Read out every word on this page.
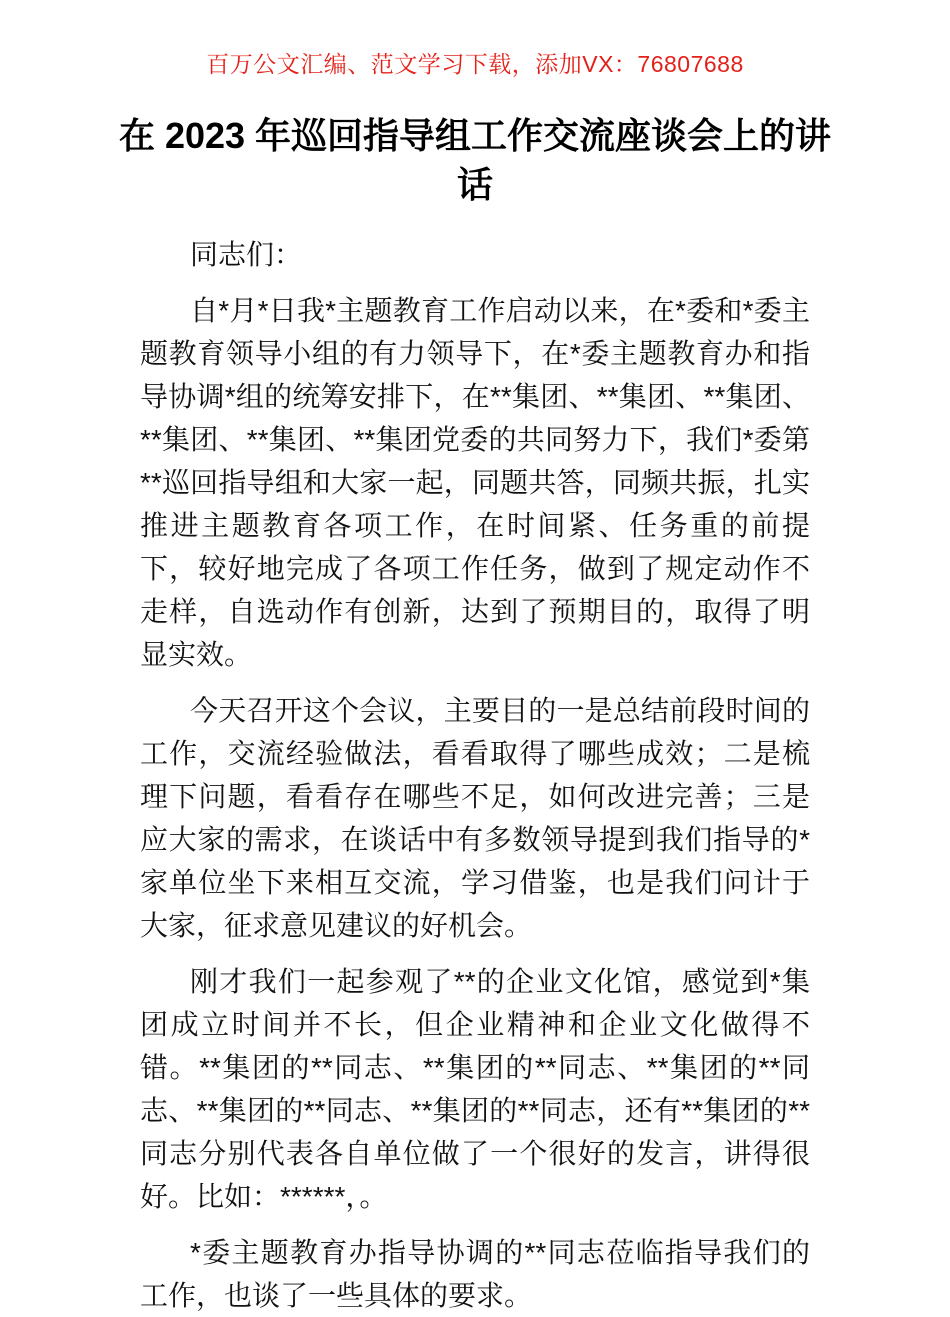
百万公文汇编、范文学习下载，添加VX：76807688
在 2023 年巡回指导组工作交流座谈会上的讲话

同志们：

自*月*日我*主题教育工作启动以来，在*委和*委主题教育领导小组的有力领导下，在*委主题教育办和指导协调*组的统筹安排下，在**集团、**集团、**集团、**集团、**集团、**集团党委的共同努力下，我们*委第**巡回指导组和大家一起，同题共答，同频共振，扎实推进主题教育各项工作，在时间紧、任务重的前提下，较好地完成了各项工作任务，做到了规定动作不走样，自选动作有创新，达到了预期目的，取得了明显实效。

今天召开这个会议，主要目的一是总结前段时间的工作，交流经验做法，看看取得了哪些成效；二是梳理下问题，看看存在哪些不足，如何改进完善；三是应大家的需求，在谈话中有多数领导提到我们指导的*家单位坐下来相互交流，学习借鉴，也是我们问计于大家，征求意见建议的好机会。

刚才我们一起参观了**的企业文化馆，感觉到*集团成立时间并不长，但企业精神和企业文化做得不错。**集团的**同志、**集团的**同志、**集团的**同志、**集团的**同志、**集团的**同志，还有**集团的**同志分别代表各自单位做了一个很好的发言，讲得很好。比如：******，。

*委主题教育办指导协调的**同志莅临指导我们的工作，也谈了一些具体的要求。
